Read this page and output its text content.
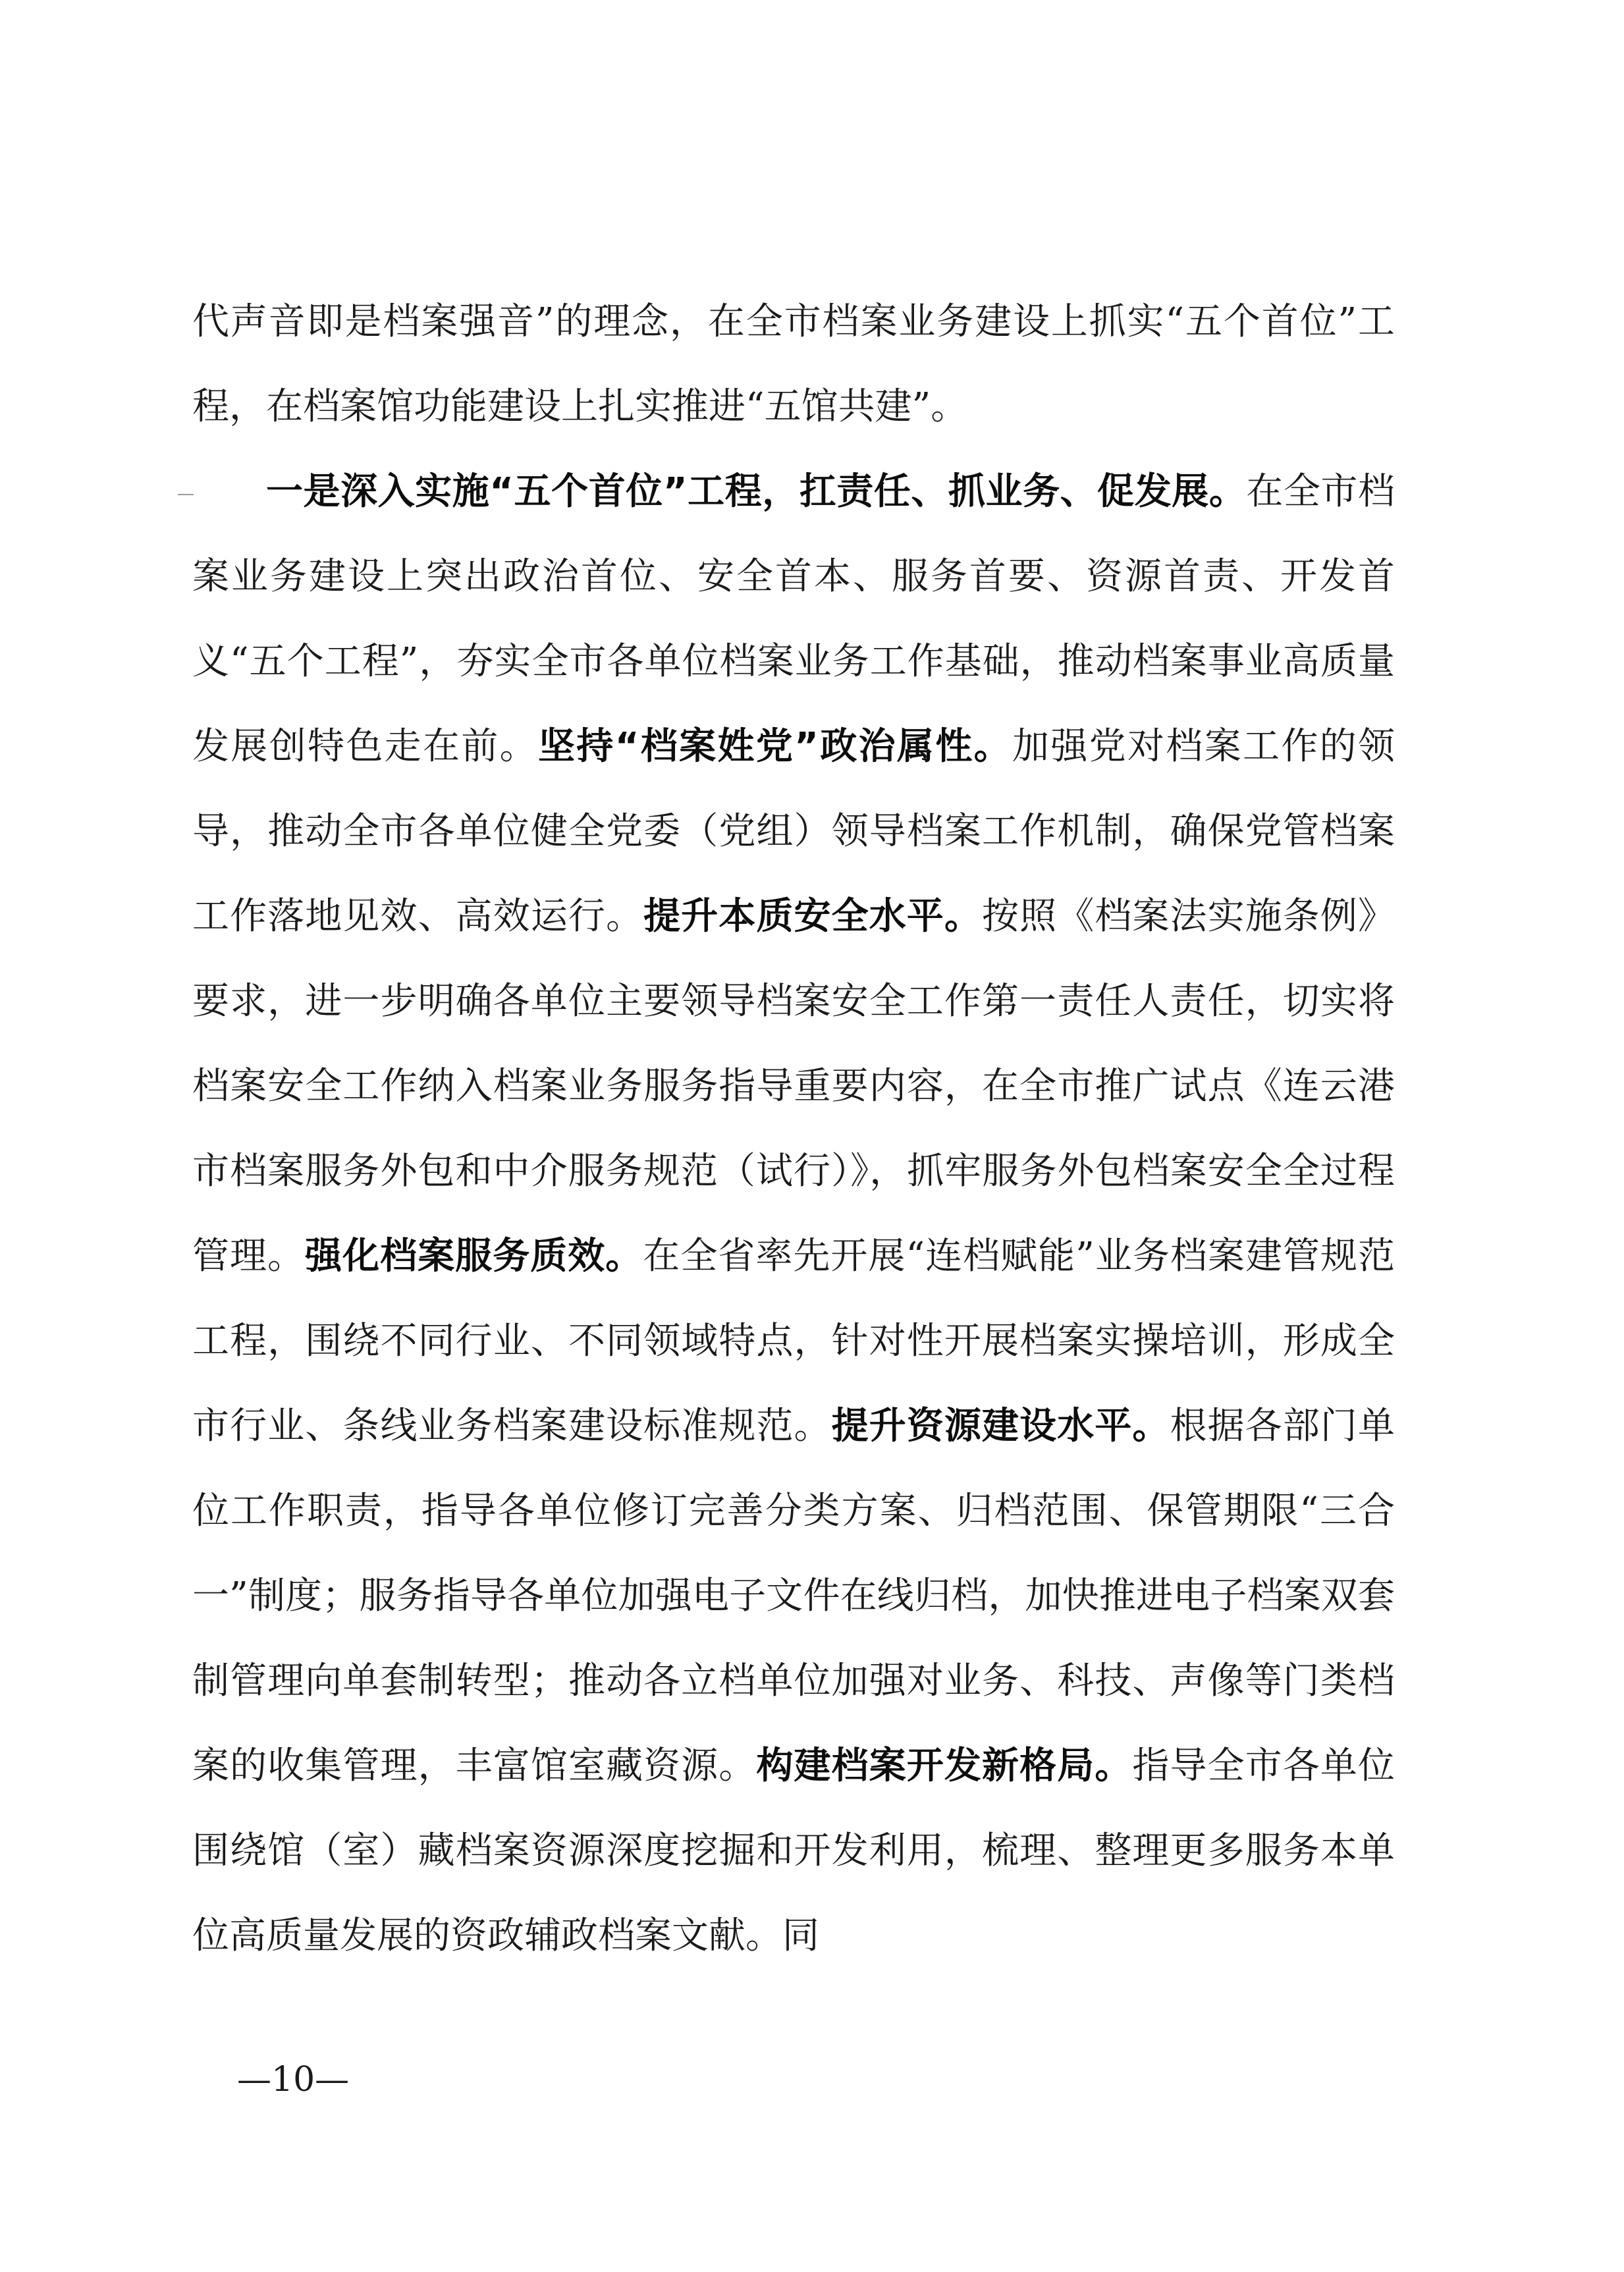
代声音即是档案强音”的理念，在全市档案业务建设上抓实“五个首位”工程，在档案馆功能建设上扎实推进“五馆共建”。

一是深入实施“五个首位”工程，扛责任、抓业务、促发展。在全市档案业务建设上突出政治首位、安全首本、服务首要、资源首责、开发首义“五个工程”，夯实全市各单位档案业务工作基础，推动档案事业高质量发展创特色走在前。坚持“档案姓党”政治属性。加强党对档案工作的领导，推动全市各单位健全党委（党组）领导档案工作机制，确保党管档案工作落地见效、高效运行。提升本质安全水平。按照《档案法实施条例》要求，进一步明确各单位主要领导档案安全工作第一责任人责任，切实将档案安全工作纳入档案业务服务指导重要内容，在全市推广试点《连云港市档案服务外包和中介服务规范（试行）》，抓牢服务外包档案安全全过程管理。强化档案服务质效。在全省率先开展“连档赋能”业务档案建管规范工程，围绕不同行业、不同领域特点，针对性开展档案实操培训，形成全市行业、条线业务档案建设标准规范。提升资源建设水平。根据各部门单位工作职责，指导各单位修订完善分类方案、归档范围、保管期限“三合一”制度；服务指导各单位加强电子文件在线归档，加快推进电子档案双套制管理向单套制转型；推动各立档单位加强对业务、科技、声像等门类档案的收集管理，丰富馆室藏资源。构建档案开发新格局。指导全市各单位围绕馆（室）藏档案资源深度挖掘和开发利用，梳理、整理更多服务本单位高质量发展的资政辅政档案文献。同

—10—
